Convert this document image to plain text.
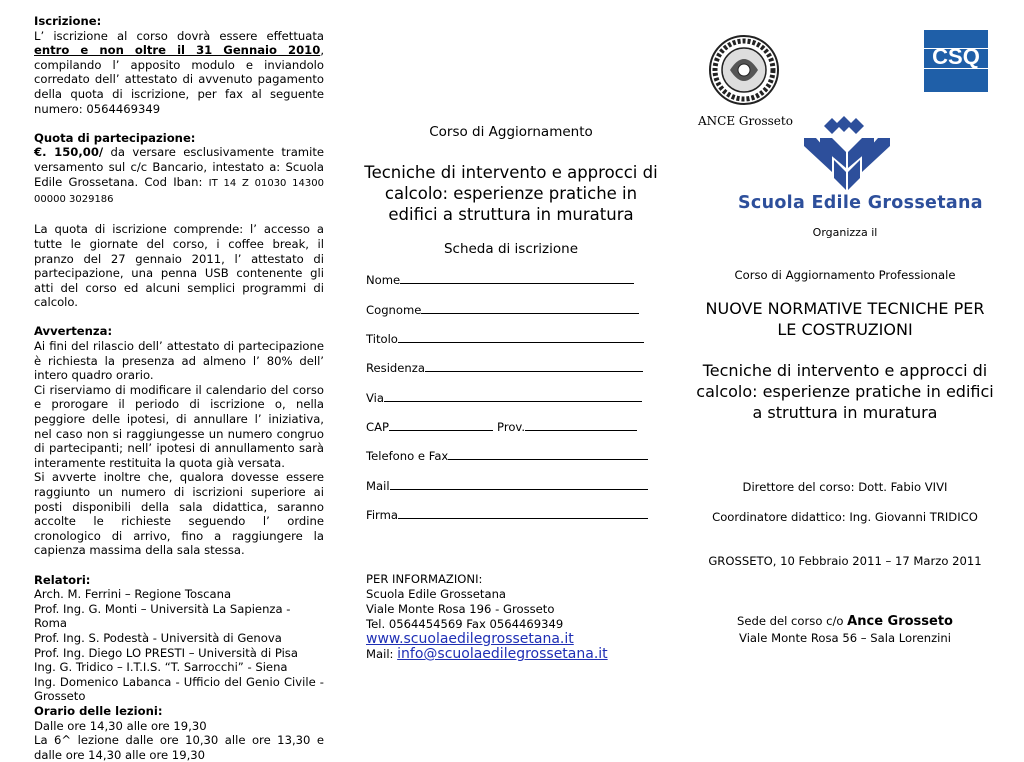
Iscrizione:

L’ iscrizione al corso dovrà essere effettuata entro e non oltre il 31 Gennaio 2010, compilando l’ apposito modulo e inviandolo corredato dell’ attestato di avvenuto pagamento della quota di iscrizione, per fax al seguente numero: 0564469349

Quota di partecipazione:

€. 150,00/ da versare esclusivamente tramite versamento sul c/c Bancario, intestato a: Scuola Edile Grossetana. Cod Iban: IT 14 Z 01030 14300 00000 3029186

La quota di iscrizione comprende: l’ accesso a tutte le giornate del corso, i coffee break, il pranzo del 27 gennaio 2011, l’ attestato di partecipazione, una penna USB contenente gli atti del corso ed alcuni semplici programmi di calcolo.

Avvertenza:

Ai fini del rilascio dell’ attestato di partecipazione è richiesta la presenza ad almeno l’ 80% dell’ intero quadro orario.

Ci riserviamo di modificare il calendario del corso e prorogare il periodo di iscrizione o, nella peggiore delle ipotesi, di annullare l’ iniziativa, nel caso non si raggiungesse un numero congruo di partecipanti; nell’ ipotesi di annullamento sarà interamente restituita la quota già versata.

Si avverte inoltre che, qualora dovesse essere raggiunto un numero di iscrizioni superiore ai posti disponibili della sala didattica, saranno accolte le richieste seguendo l’ ordine cronologico di arrivo, fino a raggiungere la capienza massima della sala stessa.

Relatori:

Arch. M. Ferrini – Regione Toscana

Prof. Ing. G. Monti – Università La Sapienza - Roma

Prof. Ing. S. Podestà - Università di Genova

Prof. Ing. Diego LO PRESTI – Università di Pisa

Ing. G. Tridico – I.T.I.S. “T. Sarrocchi” - Siena

Ing. Domenico Labanca - Ufficio del Genio Civile - Grosseto

Orario delle lezioni:

Dalle ore 14,30 alle ore 19,30

La 6^ lezione dalle ore 10,30 alle ore 13,30 e dalle ore 14,30 alle ore 19,30

Corso di Aggiornamento
Tecniche di intervento e approcci di calcolo: esperienze pratiche in edifici a struttura in muratura
Scheda di iscrizione
Nome
Cognome
Titolo
Residenza
Via
CAP	Prov.
Telefono e Fax
Mail
Firma

PER INFORMAZIONI:

Scuola Edile Grossetana

Viale Monte Rosa 196 - Grosseto

Tel. 0564454569 Fax 0564469349

www.scuolaedilegrossetana.it

Mail: info@scuolaedilegrossetana.it

ANCE Grosseto
CSQ
Scuola Edile Grossetana
Organizza il
Corso di Aggiornamento Professionale
NUOVE NORMATIVE TECNICHE PER LE COSTRUZIONI
Tecniche di intervento e approcci di calcolo: esperienze pratiche in edifici a struttura in muratura
Direttore del corso: Dott. Fabio VIVI
Coordinatore didattico: Ing. Giovanni TRIDICO
GROSSETO, 10 Febbraio 2011 – 17 Marzo 2011
Sede del corso c/o Ance Grosseto
Viale Monte Rosa 56 – Sala Lorenzini
